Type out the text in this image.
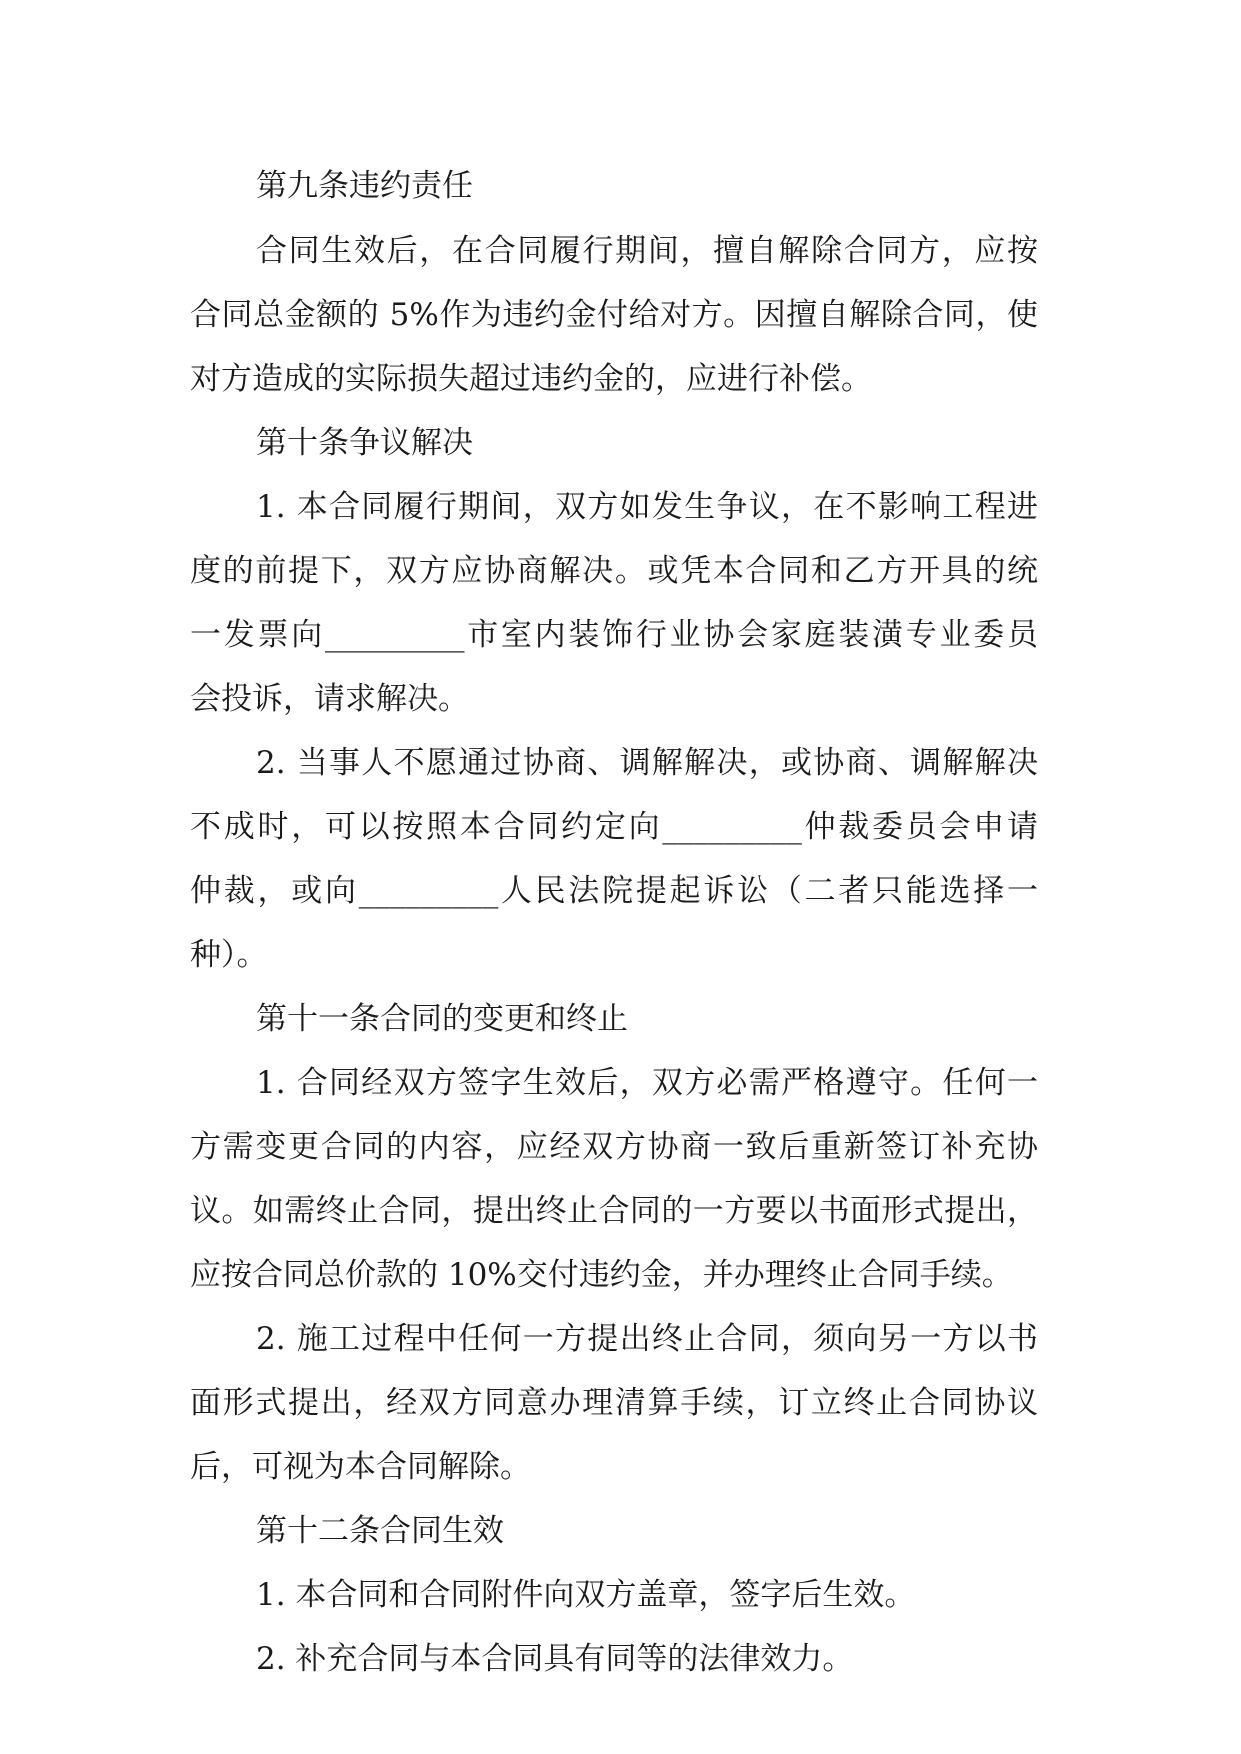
第九条违约责任
合同生效后，在合同履行期间，擅自解除合同方，应按
合同总金额的 5%作为违约金付给对方。因擅自解除合同，使
对方造成的实际损失超过违约金的，应进行补偿。
第十条争议解决
1. 本合同履行期间，双方如发生争议，在不影响工程进
度的前提下，双方应协商解决。或凭本合同和乙方开具的统
一发票向_________市室内装饰行业协会家庭装潢专业委员
会投诉，请求解决。
2. 当事人不愿通过协商、调解解决，或协商、调解解决
不成时，可以按照本合同约定向_________仲裁委员会申请
仲裁，或向_________人民法院提起诉讼（二者只能选择一
种）。
第十一条合同的变更和终止
1. 合同经双方签字生效后，双方必需严格遵守。任何一
方需变更合同的内容，应经双方协商一致后重新签订补充协
议。如需终止合同，提出终止合同的一方要以书面形式提出，
应按合同总价款的 10%交付违约金，并办理终止合同手续。
2. 施工过程中任何一方提出终止合同，须向另一方以书
面形式提出，经双方同意办理清算手续，订立终止合同协议
后，可视为本合同解除。
第十二条合同生效
1. 本合同和合同附件向双方盖章，签字后生效。
2. 补充合同与本合同具有同等的法律效力。
